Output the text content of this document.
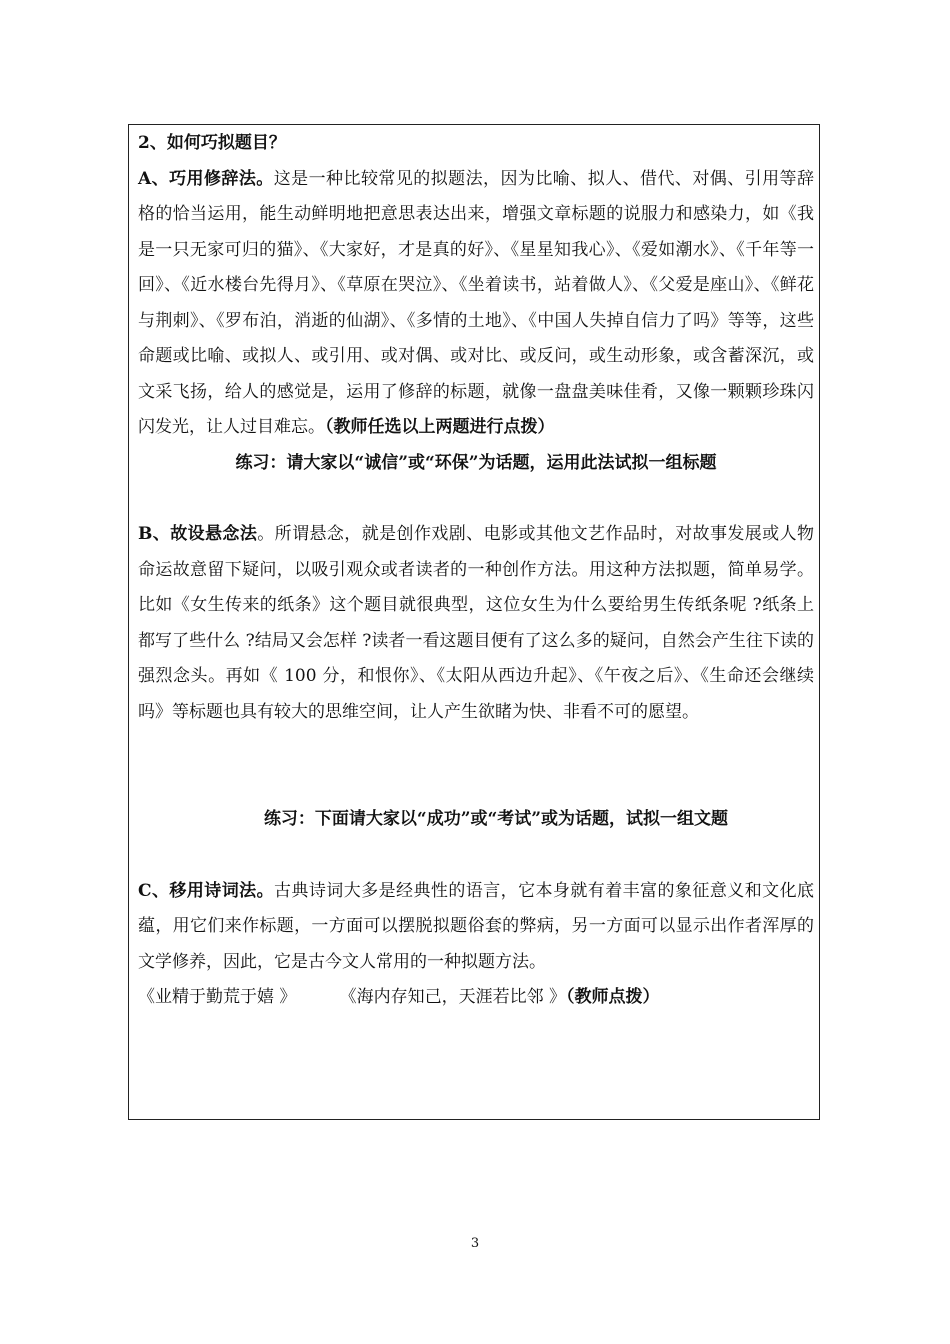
2、如何巧拟题目？

A、巧用修辞法。这是一种比较常见的拟题法，因为比喻、拟人、借代、对偶、引用等辞格的恰当运用，能生动鲜明地把意思表达出来，增强文章标题的说服力和感染力，如《我是一只无家可归的猫》、《大家好，才是真的好》、《星星知我心》、《爱如潮水》、《千年等一回》、《近水楼台先得月》、《草原在哭泣》、《坐着读书，站着做人》、《父爱是座山》、《鲜花与荆刺》、《罗布泊，消逝的仙湖》、《多情的土地》、《中国人失掉自信力了吗》等等，这些命题或比喻、或拟人、或引用、或对偶、或对比、或反问，或生动形象，或含蓄深沉，或文采飞扬，给人的感觉是，运用了修辞的标题，就像一盘盘美味佳肴，又像一颗颗珍珠闪闪发光，让人过目难忘。（教师任选以上两题进行点拨）

练习：请大家以“诚信”或“环保”为话题，运用此法试拟一组标题

B、故设悬念法。所谓悬念，就是创作戏剧、电影或其他文艺作品时，对故事发展或人物命运故意留下疑问，以吸引观众或者读者的一种创作方法。用这种方法拟题，简单易学。比如《女生传来的纸条》这个题目就很典型，这位女生为什么要给男生传纸条呢 ?纸条上都写了些什么 ?结局又会怎样 ?读者一看这题目便有了这么多的疑问，自然会产生往下读的强烈念头。再如《 100 分，和恨你》、《太阳从西边升起》、《午夜之后》、《生命还会继续吗》等标题也具有较大的思维空间，让人产生欲睹为快、非看不可的愿望。

练习：下面请大家以“成功”或“考试”或为话题，试拟一组文题

C、移用诗词法。古典诗词大多是经典性的语言，它本身就有着丰富的象征意义和文化底蕴，用它们来作标题，一方面可以摆脱拟题俗套的弊病，另一方面可以显示出作者浑厚的文学修养，因此，它是古今文人常用的一种拟题方法。

《业精于勤荒于嬉 》	《海内存知己，天涯若比邻 》（教师点拨）

3
